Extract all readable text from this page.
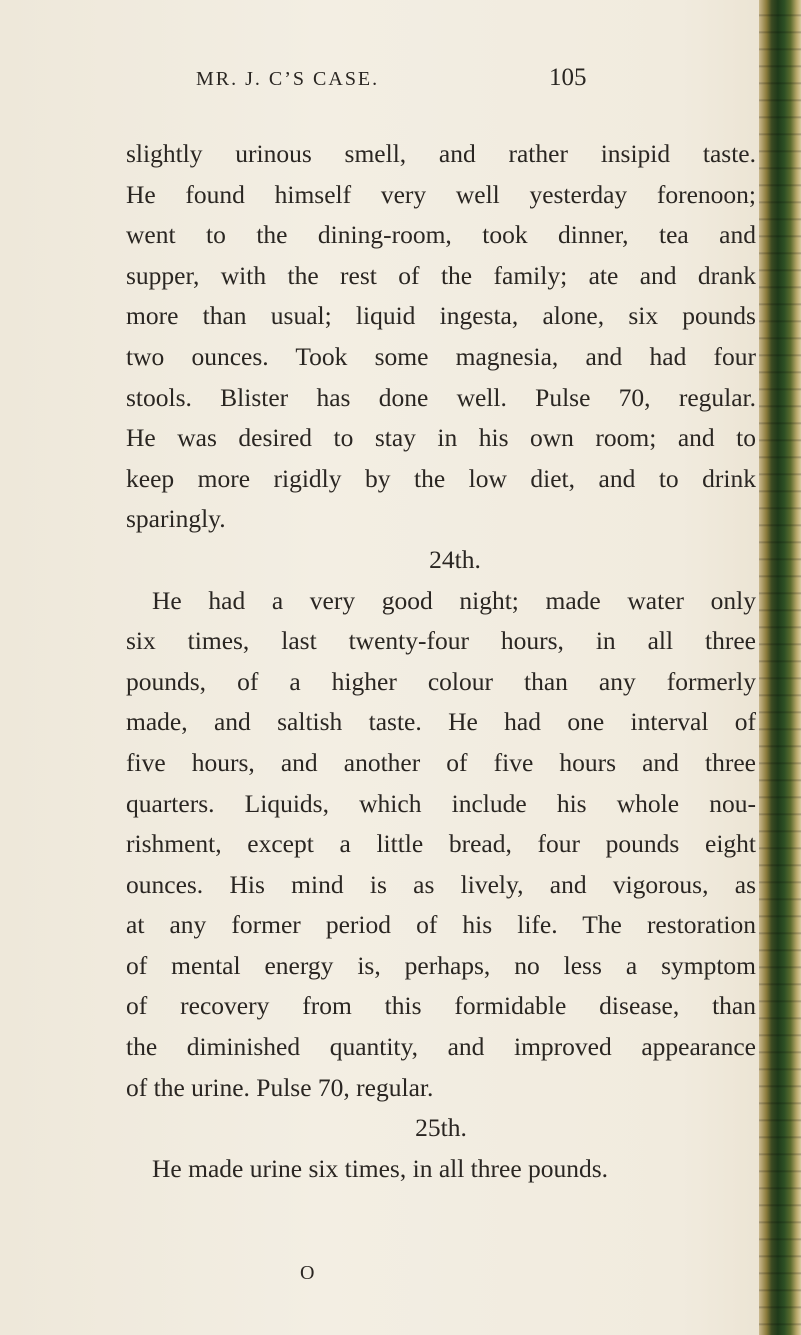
MR. J. C’S CASE.	105
slightly urinous smell, and rather insipid taste.
He found himself very well yesterday forenoon;
went to the dining-room, took dinner, tea and
supper, with the rest of the family; ate and drank
more than usual; liquid ingesta, alone, six pounds
two ounces. Took some magnesia, and had four
stools. Blister has done well. Pulse 70, regular.
He was desired to stay in his own room; and to
keep more rigidly by the low diet, and to drink
sparingly.
24th.
He had a very good night; made water only
six times, last twenty-four hours, in all three
pounds, of a higher colour than any formerly
made, and saltish taste. He had one interval of
five hours, and another of five hours and three
quarters. Liquids, which include his whole nou-
rishment, except a little bread, four pounds eight
ounces. His mind is as lively, and vigorous, as
at any former period of his life. The restoration
of mental energy is, perhaps, no less a symptom
of recovery from this formidable disease, than
the diminished quantity, and improved appearance
of the urine. Pulse 70, regular.
25th.
He made urine six times, in all three pounds.
O
